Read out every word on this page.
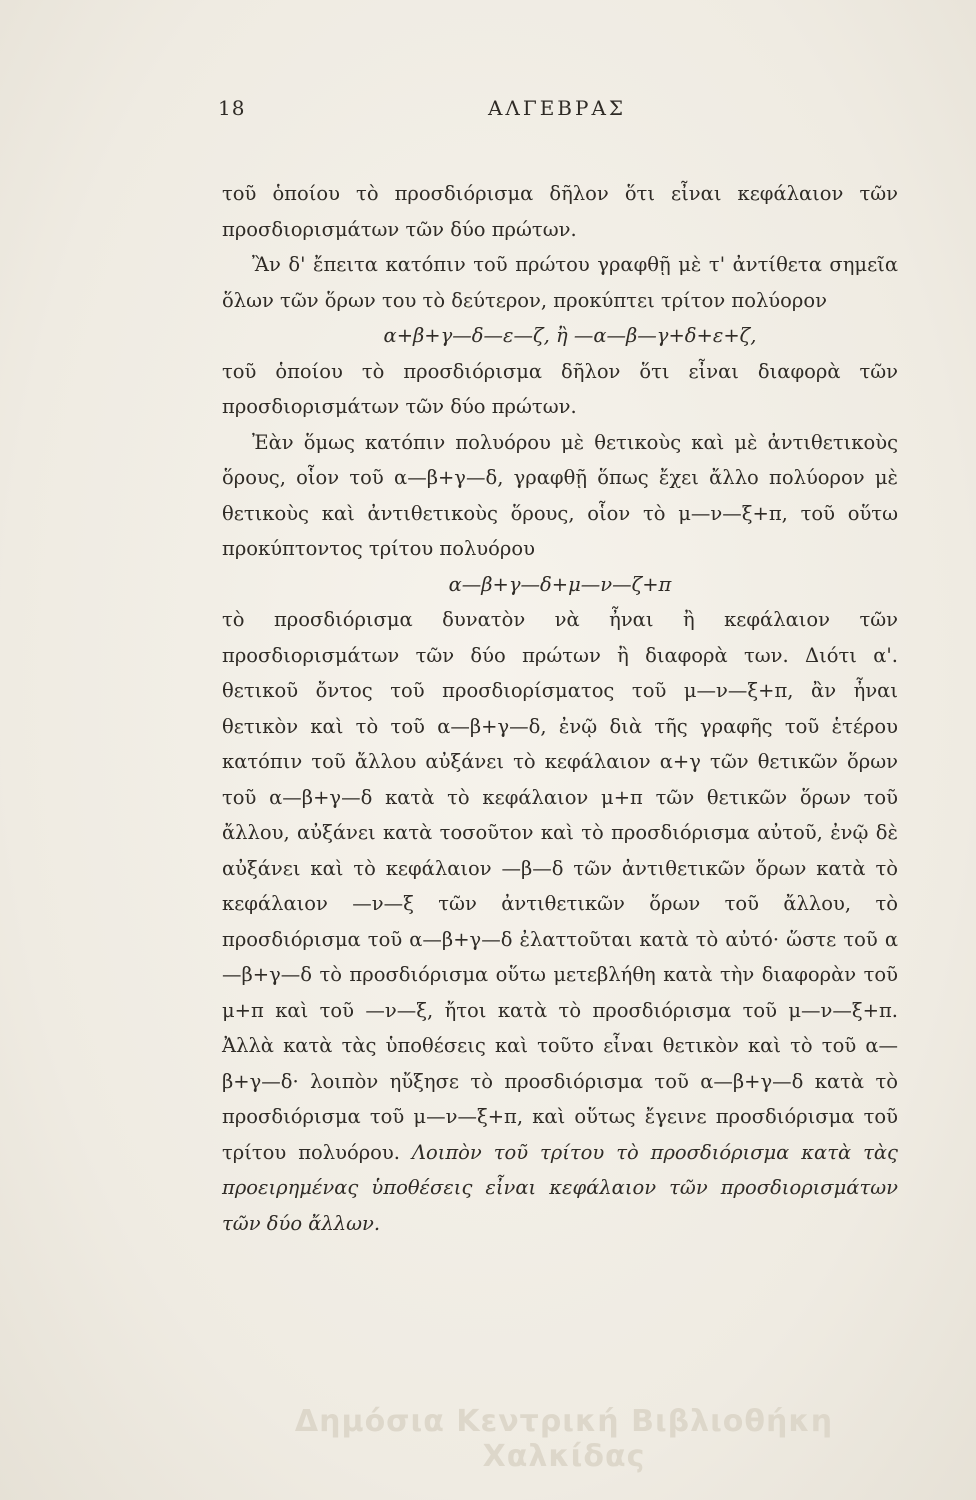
18	ΑΛΓΕΒΡΑΣ

τοῦ ὁποίου τὸ προσδιόρισμα δῆλον ὅτι εἶναι κεφάλαιον τῶν προσδιορισμάτων τῶν δύο πρώτων.

Ἂν δ' ἔπειτα κατόπιν τοῦ πρώτου γραφθῇ μὲ τ' ἀντίθετα σημεῖα ὅλων τῶν ὅρων του τὸ δεύτερον, προκύπτει τρίτον πολύορον

α+β+γ—δ—ε—ζ, ἢ —α—β—γ+δ+ε+ζ,

τοῦ ὁποίου τὸ προσδιόρισμα δῆλον ὅτι εἶναι διαφορὰ τῶν προσδιορισμάτων τῶν δύο πρώτων.

Ἐὰν ὅμως κατόπιν πολυόρου μὲ θετικοὺς καὶ μὲ ἀντιθετικοὺς ὅρους, οἷον τοῦ α—β+γ—δ, γραφθῇ ὅπως ἔχει ἄλλο πολύορον μὲ θετικοὺς καὶ ἀντιθετικοὺς ὅρους, οἷον τὸ μ—ν—ξ+π, τοῦ οὕτω προκύπτοντος τρίτου πολυόρου

α—β+γ—δ+μ—ν—ζ+π

τὸ προσδιόρισμα δυνατὸν νὰ ἦναι ἢ κεφάλαιον τῶν προσδιορισμάτων τῶν δύο πρώτων ἢ διαφορὰ των. Διότι α'. θετικοῦ ὄντος τοῦ προσδιορίσματος τοῦ μ—ν—ξ+π, ἂν ἦναι θετικὸν καὶ τὸ τοῦ α—β+γ—δ, ἐνῷ διὰ τῆς γραφῆς τοῦ ἑτέρου κατόπιν τοῦ ἄλλου αὐξάνει τὸ κεφάλαιον α+γ τῶν θετικῶν ὅρων τοῦ α—β+γ—δ κατὰ τὸ κεφάλαιον μ+π τῶν θετικῶν ὅρων τοῦ ἄλλου, αὐξάνει κατὰ τοσοῦτον καὶ τὸ προσδιόρισμα αὐτοῦ, ἐνῷ δὲ αὐξάνει καὶ τὸ κεφάλαιον —β—δ τῶν ἀντιθετικῶν ὅρων κατὰ τὸ κεφάλαιον —ν—ξ τῶν ἀντιθετικῶν ὅρων τοῦ ἄλλου, τὸ προσδιόρισμα τοῦ α—β+γ—δ ἐλαττοῦται κατὰ τὸ αὐτό· ὥστε τοῦ α—β+γ—δ τὸ προσδιόρισμα οὕτω μετεβλήθη κατὰ τὴν διαφορὰν τοῦ μ+π καὶ τοῦ —ν—ξ, ἤτοι κατὰ τὸ προσδιόρισμα τοῦ μ—ν—ξ+π. Ἀλλὰ κατὰ τὰς ὑποθέσεις καὶ τοῦτο εἶναι θετικὸν καὶ τὸ τοῦ α—β+γ—δ· λοιπὸν ηὔξησε τὸ προσδιόρισμα τοῦ α—β+γ—δ κατὰ τὸ προσδιόρισμα τοῦ μ—ν—ξ+π, καὶ οὕτως ἔγεινε προσδιόρισμα τοῦ τρίτου πολυόρου. Λοιπὸν τοῦ τρίτου τὸ προσδιόρισμα κατὰ τὰς προειρημένας ὑποθέσεις εἶναι κεφάλαιον τῶν προσδιορισμάτων τῶν δύο ἄλλων.

Δημόσια Κεντρική Βιβλιοθήκη Χαλκίδας
